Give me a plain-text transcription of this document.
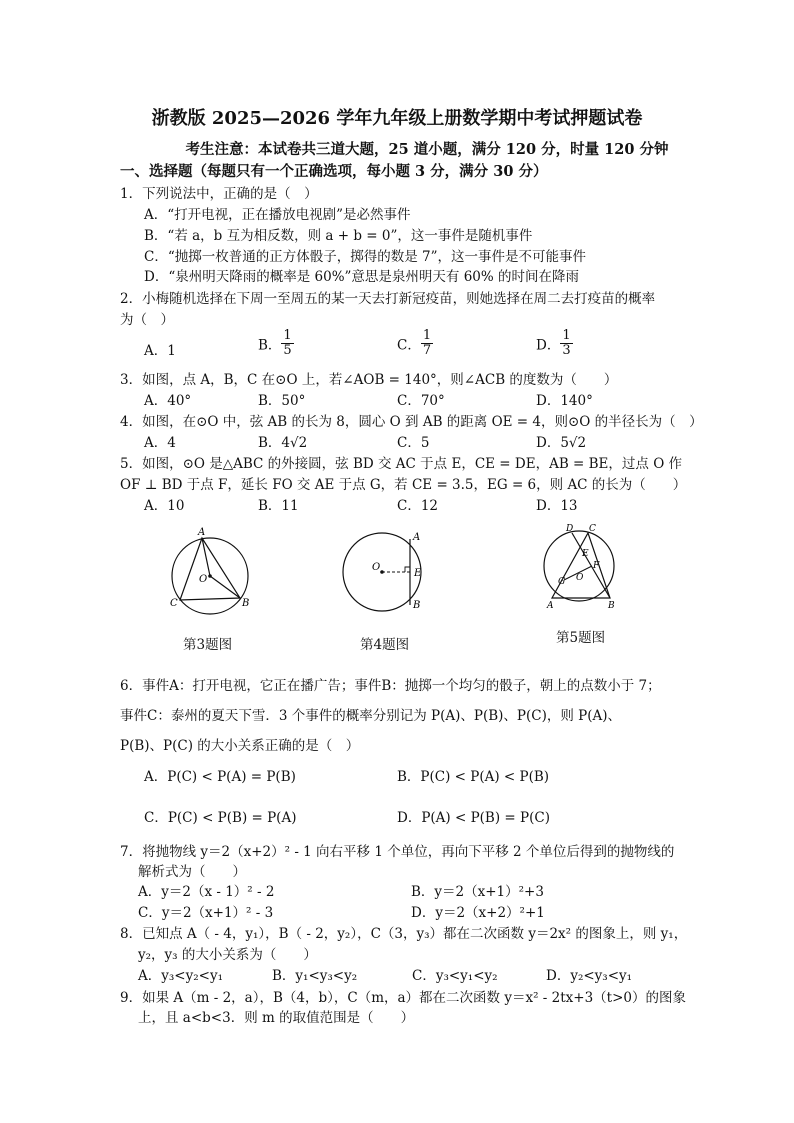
浙教版 2025—2026 学年九年级上册数学期中考试押题试卷
考生注意：本试卷共三道大题，25 道小题，满分 120 分，时量 120 分钟
一、选择题（每题只有一个正确选项，每小题 3 分，满分 30 分）
1．下列说法中，正确的是（　）
A．“打开电视，正在播放电视剧”是必然事件
B．“若 a，b 互为相反数，则 a + b = 0”，这一事件是随机事件
C．“抛掷一枚普通的正方体骰子，掷得的数是 7”，这一事件是不可能事件
D．“泉州明天降雨的概率是 60%”意思是泉州明天有 60% 的时间在降雨
2．小梅随机选择在下周一至周五的某一天去打新冠疫苗，则她选择在周二去打疫苗的概率
为（　）
A．1	B． $\frac{1}{5}$	C． $\frac{1}{7}$	D． $\frac{1}{3}$
3．如图，点 A，B，C 在⊙O 上，若∠AOB = 140°，则∠ACB 的度数为（　　）
A．40°	B．50°	C．70°	D．140°
4．如图，在⊙O 中，弦 AB 的长为 8，圆心 O 到 AB 的距离 OE = 4，则⊙O 的半径长为（　）
A．4	B．4√2	C．5	D．5√2
5．如图，⊙O 是△ABC 的外接圆，弦 BD 交 AC 于点 E，CE = DE，AB = BE，过点 O 作
OF ⊥ BD 于点 F，延长 FO 交 AE 于点 G，若 CE = 3.5，EG = 6，则 AC 的长为（　　）
A．10	B．11	C．12	D．13
A
O
C	B
第3题图
A
O
E
B
第4题图
D C
E
F
O
G
A	B
第5题图
6．事件A：打开电视，它正在播广告；事件B：抛掷一个均匀的骰子，朝上的点数小于 7；
事件C：泰州的夏天下雪．3 个事件的概率分别记为 P(A)、P(B)、P(C)，则 P(A)、
P(B)、P(C) 的大小关系正确的是（　）
A．P(C) < P(A) = P(B)	B．P(C) < P(A) < P(B)
C．P(C) < P(B) = P(A)	D．P(A) < P(B) = P(C)
7．将抛物线 y＝2（x+2）² - 1 向右平移 1 个单位，再向下平移 2 个单位后得到的抛物线的
解析式为（　　）
A．y＝2（x - 1）² - 2	B．y＝2（x+1）²+3
C．y＝2（x+1）² - 3	D．y＝2（x+2）²+1
8．已知点 A（ - 4，y₁），B（ - 2，y₂），C（3，y₃）都在二次函数 y＝2x² 的图象上，则 y₁，
y₂，y₃ 的大小关系为（　　）
A．y₃<y₂<y₁	B．y₁<y₃<y₂	C．y₃<y₁<y₂	D．y₂<y₃<y₁
9．如果 A（m - 2，a），B（4，b），C（m，a）都在二次函数 y＝x² - 2tx+3（t>0）的图象
上，且 a<b<3．则 m 的取值范围是（　　）
